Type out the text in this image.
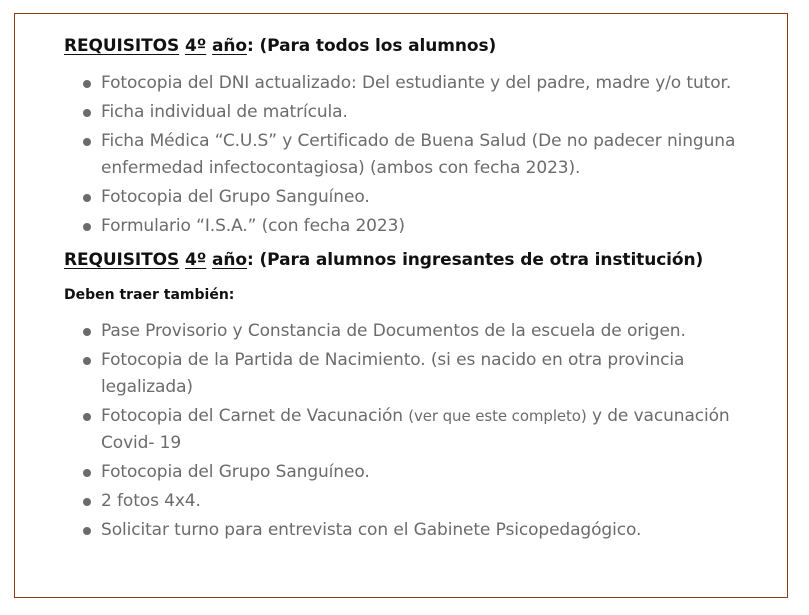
REQUISITOS 4º año: (Para todos los alumnos)
Fotocopia del DNI actualizado: Del estudiante y del padre, madre y/o tutor.
Ficha individual de matrícula.
Ficha Médica “C.U.S” y Certificado de Buena Salud (De no padecer ninguna enfermedad infectocontagiosa) (ambos con fecha 2023).
Fotocopia del Grupo Sanguíneo.
Formulario “I.S.A.” (con fecha 2023)
REQUISITOS 4º año: (Para alumnos ingresantes de otra institución)
Deben traer también:
Pase Provisorio y Constancia de Documentos de la escuela de origen.
Fotocopia de la Partida de Nacimiento. (si es nacido en otra provincia legalizada)
Fotocopia del Carnet de Vacunación (ver que este completo) y de vacunación Covid- 19
Fotocopia del Grupo Sanguíneo.
2 fotos 4x4.
Solicitar turno para entrevista con el Gabinete Psicopedagógico.
